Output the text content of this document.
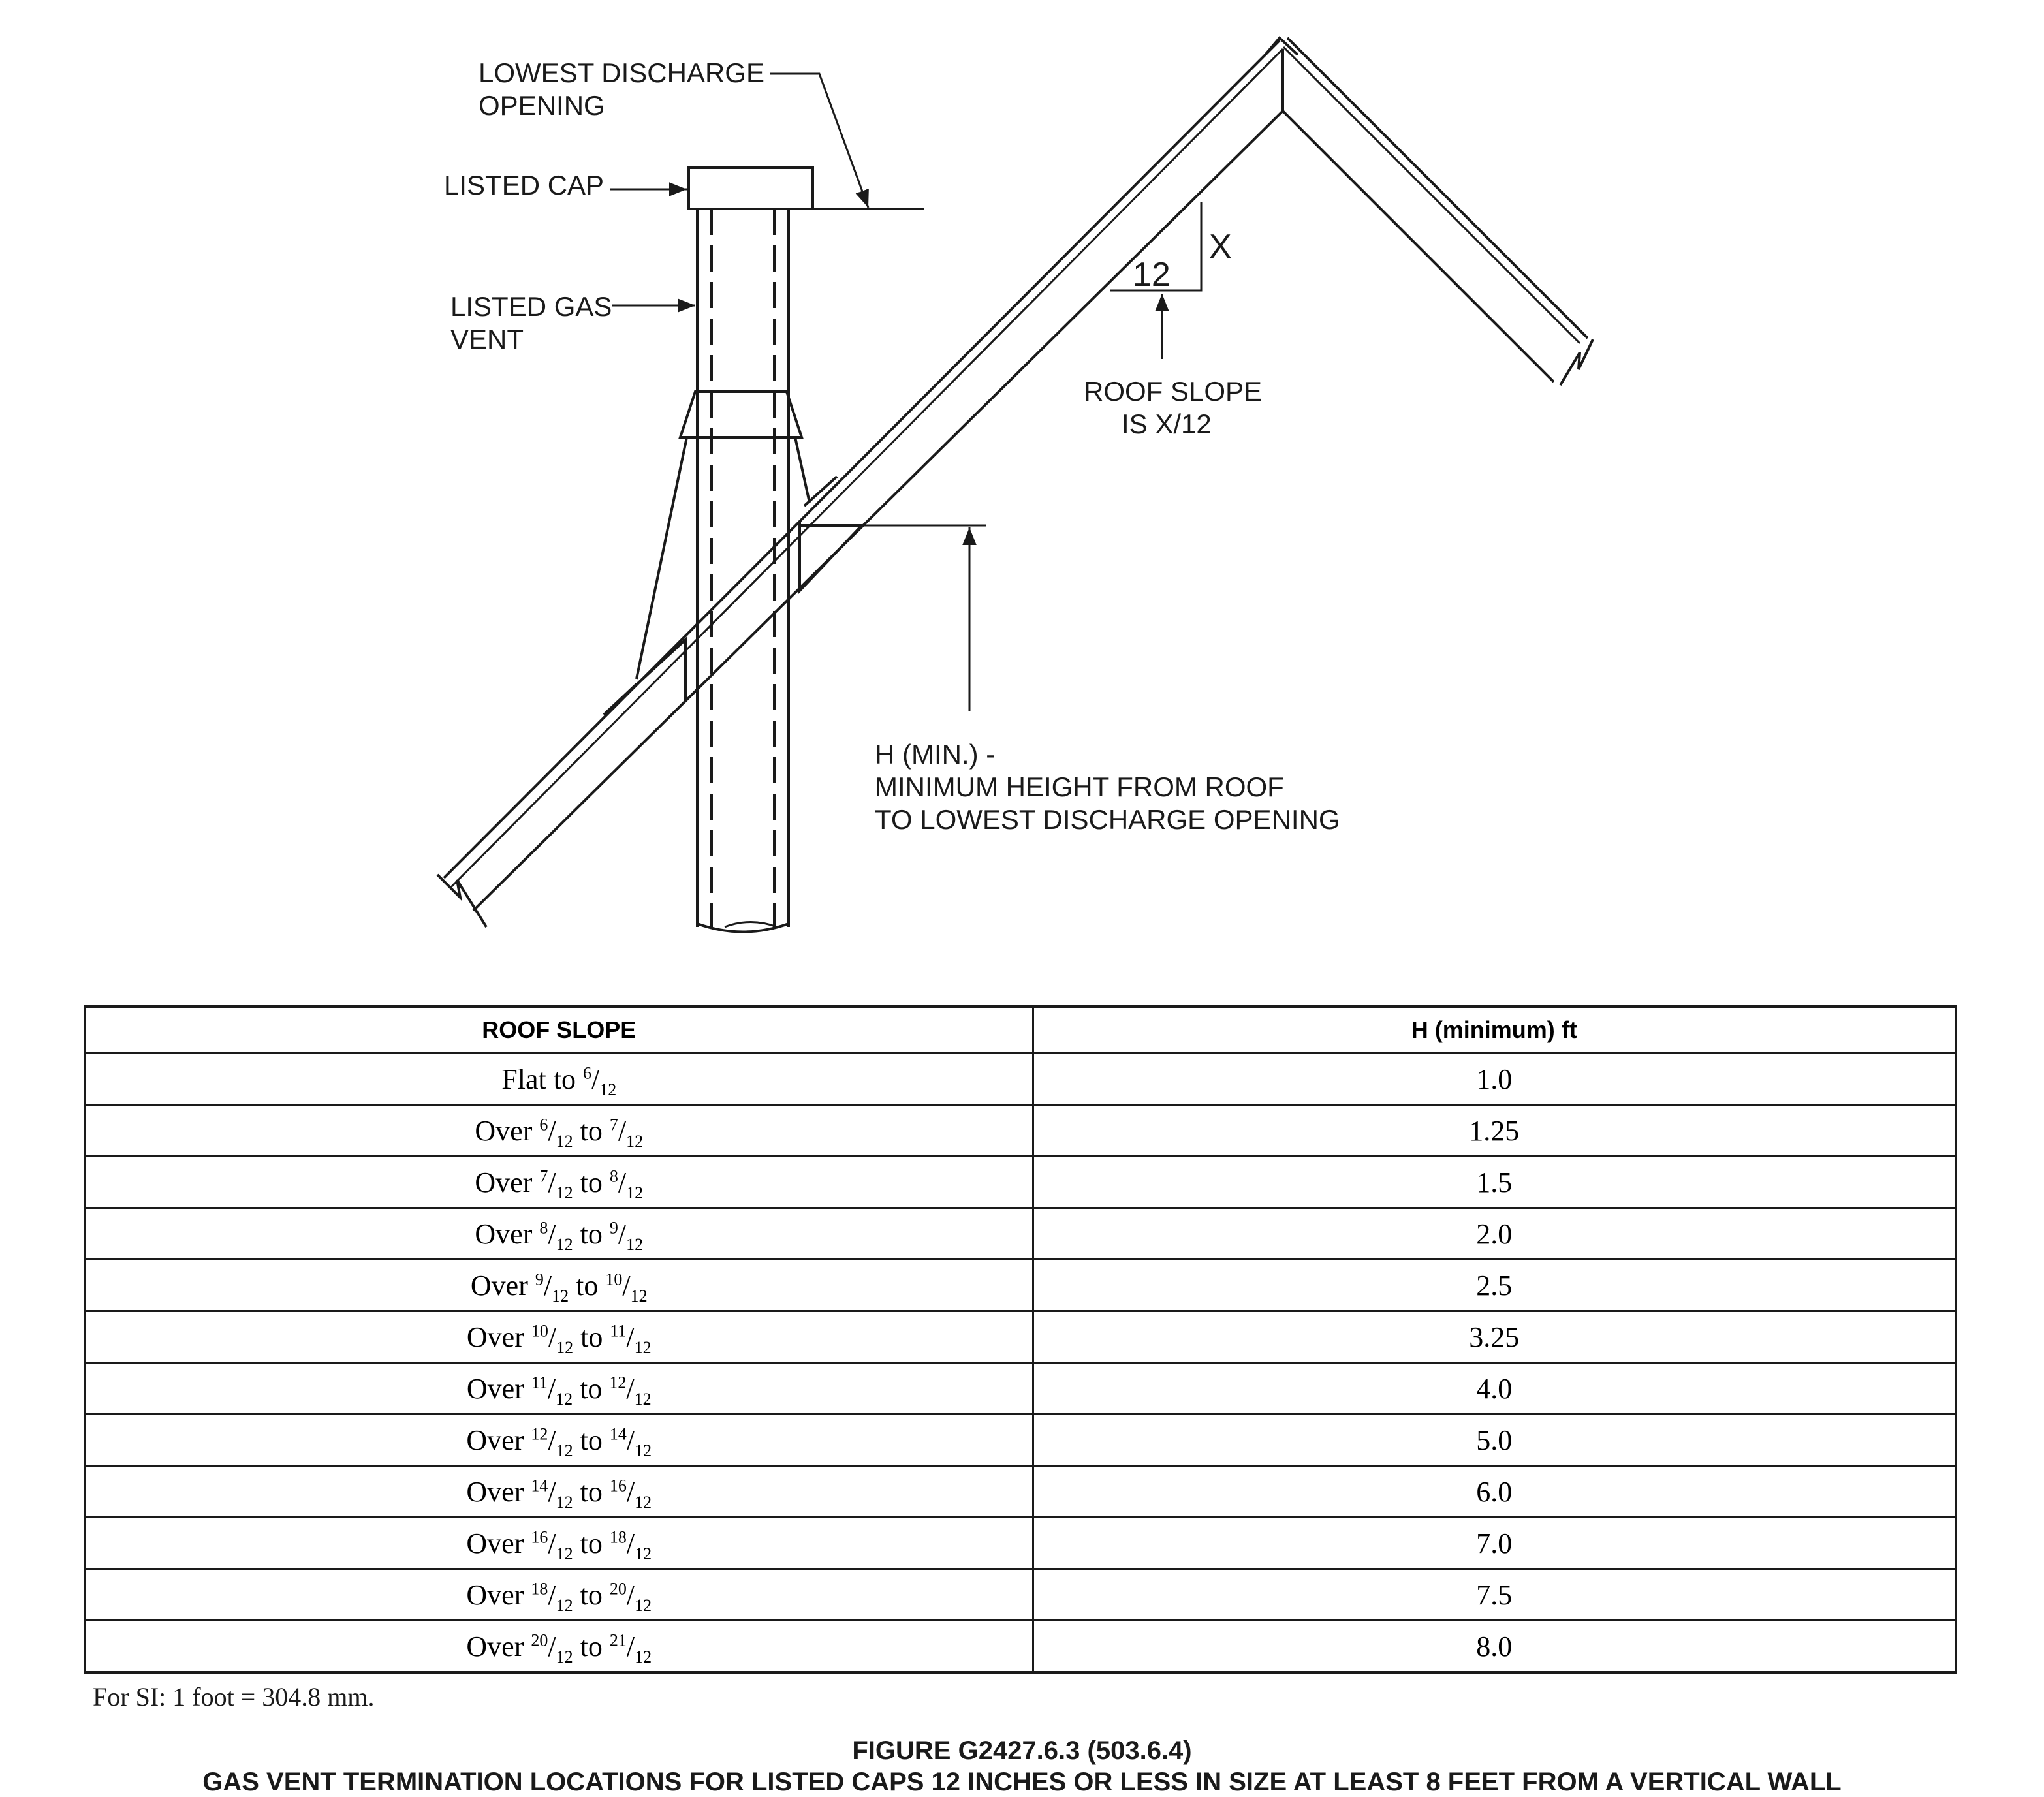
LOWEST DISCHARGE
OPENING
LISTED CAP
LISTED GAS
VENT
X
12
ROOF SLOPE
IS X/12
H (MIN.) -
MINIMUM HEIGHT FROM ROOF
TO LOWEST DISCHARGE OPENING
ROOF SLOPE	H (minimum) ft
Flat to $^6/_{12}$	1.0
Over $^6/_{12}$ to $^7/_{12}$	1.25
Over $^7/_{12}$ to $^8/_{12}$	1.5
Over $^8/_{12}$ to $^9/_{12}$	2.0
Over $^9/_{12}$ to $^{10}/_{12}$	2.5
Over $^{10}/_{12}$ to $^{11}/_{12}$	3.25
Over $^{11}/_{12}$ to $^{12}/_{12}$	4.0
Over $^{12}/_{12}$ to $^{14}/_{12}$	5.0
Over $^{14}/_{12}$ to $^{16}/_{12}$	6.0
Over $^{16}/_{12}$ to $^{18}/_{12}$	7.0
Over $^{18}/_{12}$ to $^{20}/_{12}$	7.5
Over $^{20}/_{12}$ to $^{21}/_{12}$	8.0
For SI: 1 foot = 304.8 mm.
FIGURE G2427.6.3 (503.6.4)
GAS VENT TERMINATION LOCATIONS FOR LISTED CAPS 12 INCHES OR LESS IN SIZE AT LEAST 8 FEET FROM A VERTICAL WALL
